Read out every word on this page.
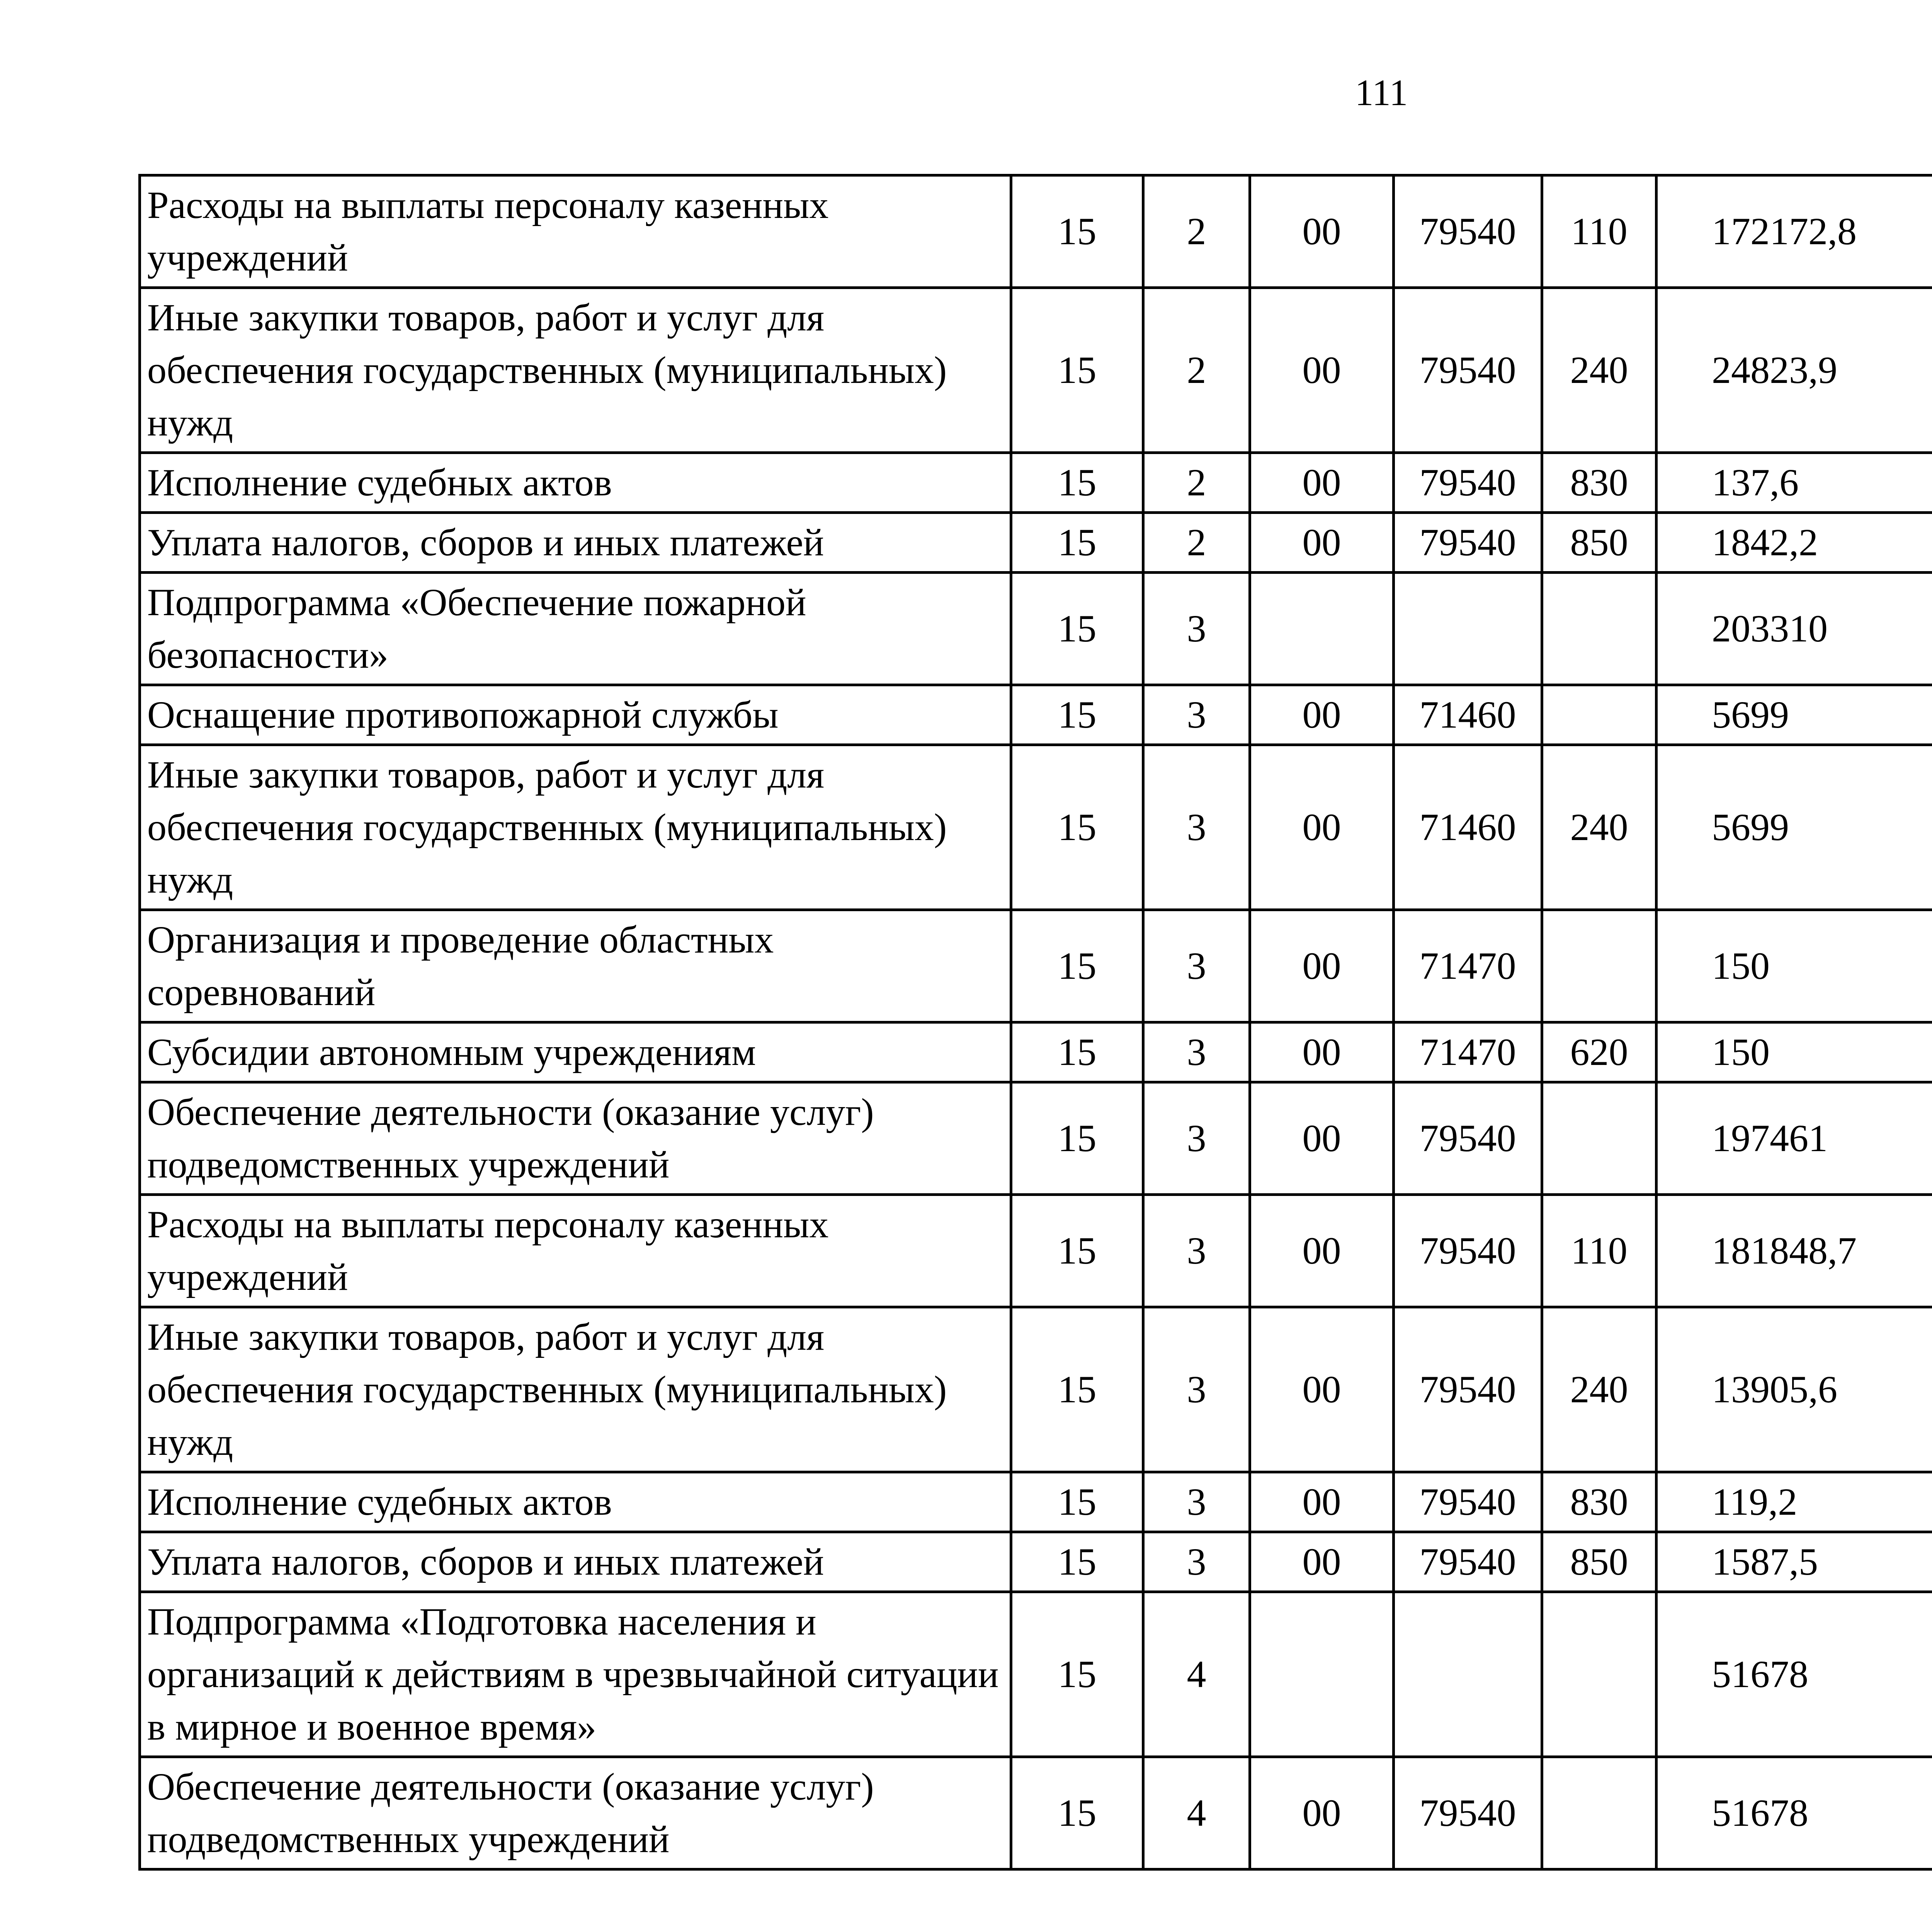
111
Расходы на выплаты персоналу казенных учреждений	15	2	00	79540	110	172172,8		
Иные закупки товаров, работ и услуг для обеспечения государственных (муниципальных) нужд	15	2	00	79540	240	24823,9		
Исполнение судебных актов	15	2	00	79540	830	137,6		
Уплата налогов, сборов и иных платежей	15	2	00	79540	850	1842,2		
Подпрограмма «Обеспечение пожарной безопасности»	15	3				203310		
Оснащение противопожарной службы	15	3	00	71460		5699		
Иные закупки товаров, работ и услуг для обеспечения государственных (муниципальных) нужд	15	3	00	71460	240	5699		
Организация и проведение областных соревнований	15	3	00	71470		150		
Субсидии автономным учреждениям	15	3	00	71470	620	150		
Обеспечение деятельности (оказание услуг) подведомственных учреждений	15	3	00	79540		197461		
Расходы на выплаты персоналу казенных учреждений	15	3	00	79540	110	181848,7		
Иные закупки товаров, работ и услуг для обеспечения государственных (муниципальных) нужд	15	3	00	79540	240	13905,6		
Исполнение судебных актов	15	3	00	79540	830	119,2		
Уплата налогов, сборов и иных платежей	15	3	00	79540	850	1587,5		
Подпрограмма «Подготовка населения и организаций к действиям в чрезвычайной ситуации в мирное и военное время»	15	4				51678		
Обеспечение деятельности (оказание услуг) подведомственных учреждений	15	4	00	79540		51678		
